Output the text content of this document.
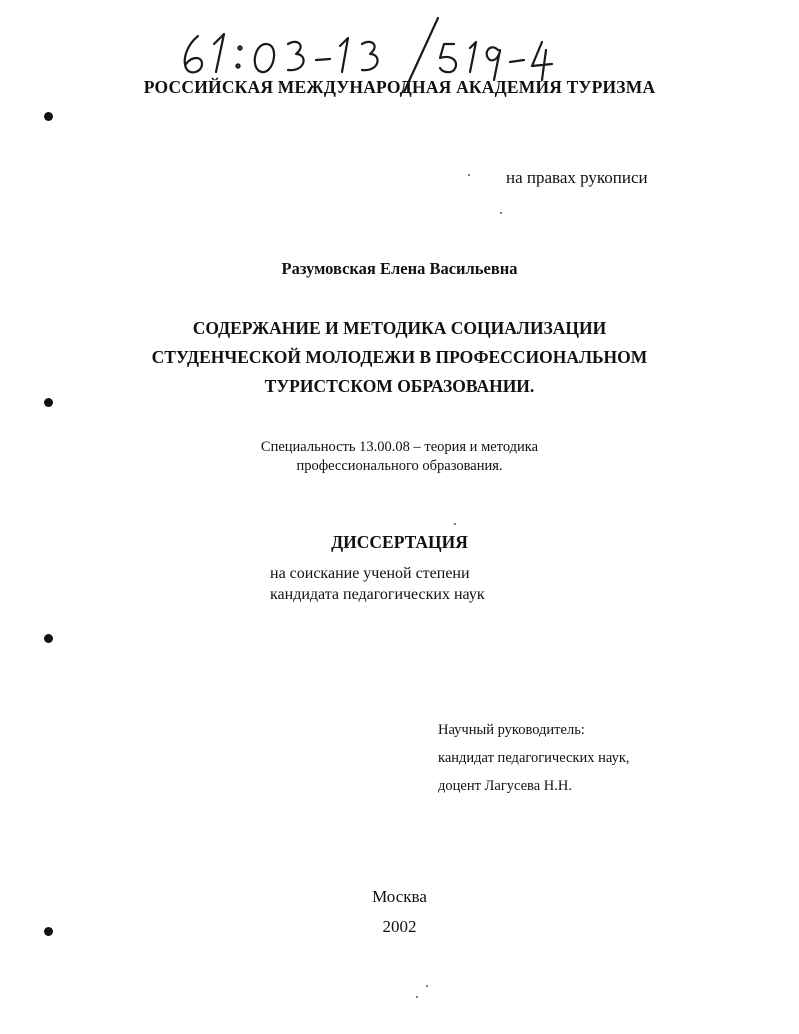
РОССИЙСКАЯ МЕЖДУНАРОДНАЯ АКАДЕМИЯ ТУРИЗМА
на правах рукописи
Разумовская Елена Васильевна
СОДЕРЖАНИЕ И МЕТОДИКА СОЦИАЛИЗАЦИИ
СТУДЕНЧЕСКОЙ МОЛОДЕЖИ В ПРОФЕССИОНАЛЬНОМ
ТУРИСТСКОМ ОБРАЗОВАНИИ.
Специальность 13.00.08 – теория и методика
профессионального образования.
ДИССЕРТАЦИЯ
на соискание ученой степени
кандидата педагогических наук
Научный руководитель:
кандидат педагогических наук,
доцент Лагусева Н.Н.
Москва
2002
